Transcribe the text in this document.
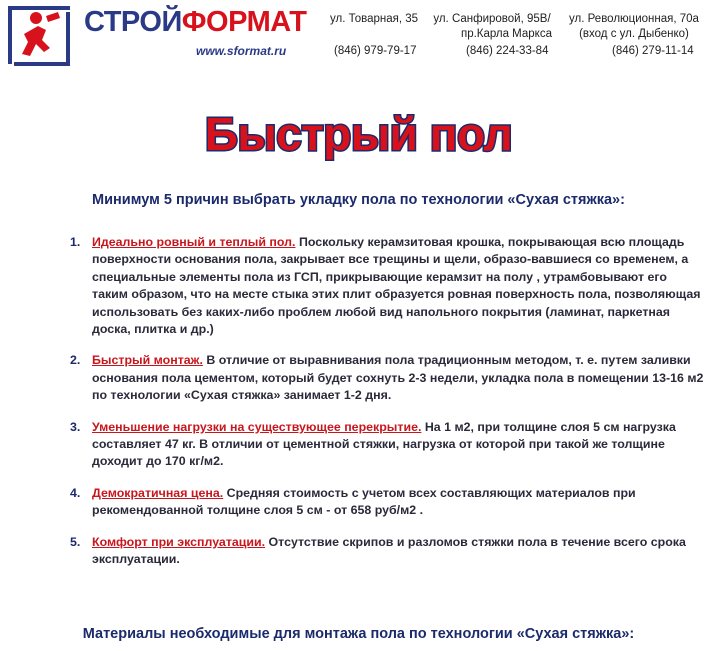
СТРОЙФОРМАТ
www.sformat.ru
ул. Товарная, 35
(846) 979-79-17
ул. Санфировой, 95В/
пр.Карла Маркса
(846) 224-33-84
ул. Революционная, 70а
(вход с ул. Дыбенко)
(846) 279-11-14
Быстрый пол
Минимум 5 причин выбрать укладку пола по технологии «Сухая стяжка»:
1. Идеально ровный и теплый пол. Поскольку керамзитовая крошка, покрывающая всю площадь поверхности основания пола, закрывает все трещины и щели, образо-вавшиеся со временем, а специальные элементы пола из ГСП, прикрывающие керамзит на полу , утрамбовывают его таким образом, что на месте стыка этих плит образуется ровная поверхность пола, позволяющая использовать без каких-либо проблем любой вид напольного покрытия (ламинат, паркетная доска, плитка и др.)
2. Быстрый монтаж. В отличие от выравнивания пола традиционным методом, т. е. путем заливки основания пола цементом, который будет сохнуть 2-3 недели, укладка пола в помещении 13-16 м2 по технологии «Сухая стяжка» занимает 1-2 дня.
3. Уменьшение нагрузки на существующее перекрытие. На 1 м2, при толщине слоя 5 см нагрузка составляет 47 кг. В отличии от цементной стяжки, нагрузка от которой при такой же толщине доходит до 170 кг/м2.
4. Демократичная цена. Средняя стоимость с учетом всех составляющих материалов при рекомендованной толщине слоя 5 см - от 658 руб/м2 .
5. Комфорт при эксплуатации. Отсутствие скрипов и разломов стяжки пола в течение всего срока эксплуатации.
Материалы необходимые для монтажа пола по технологии «Сухая стяжка»:
